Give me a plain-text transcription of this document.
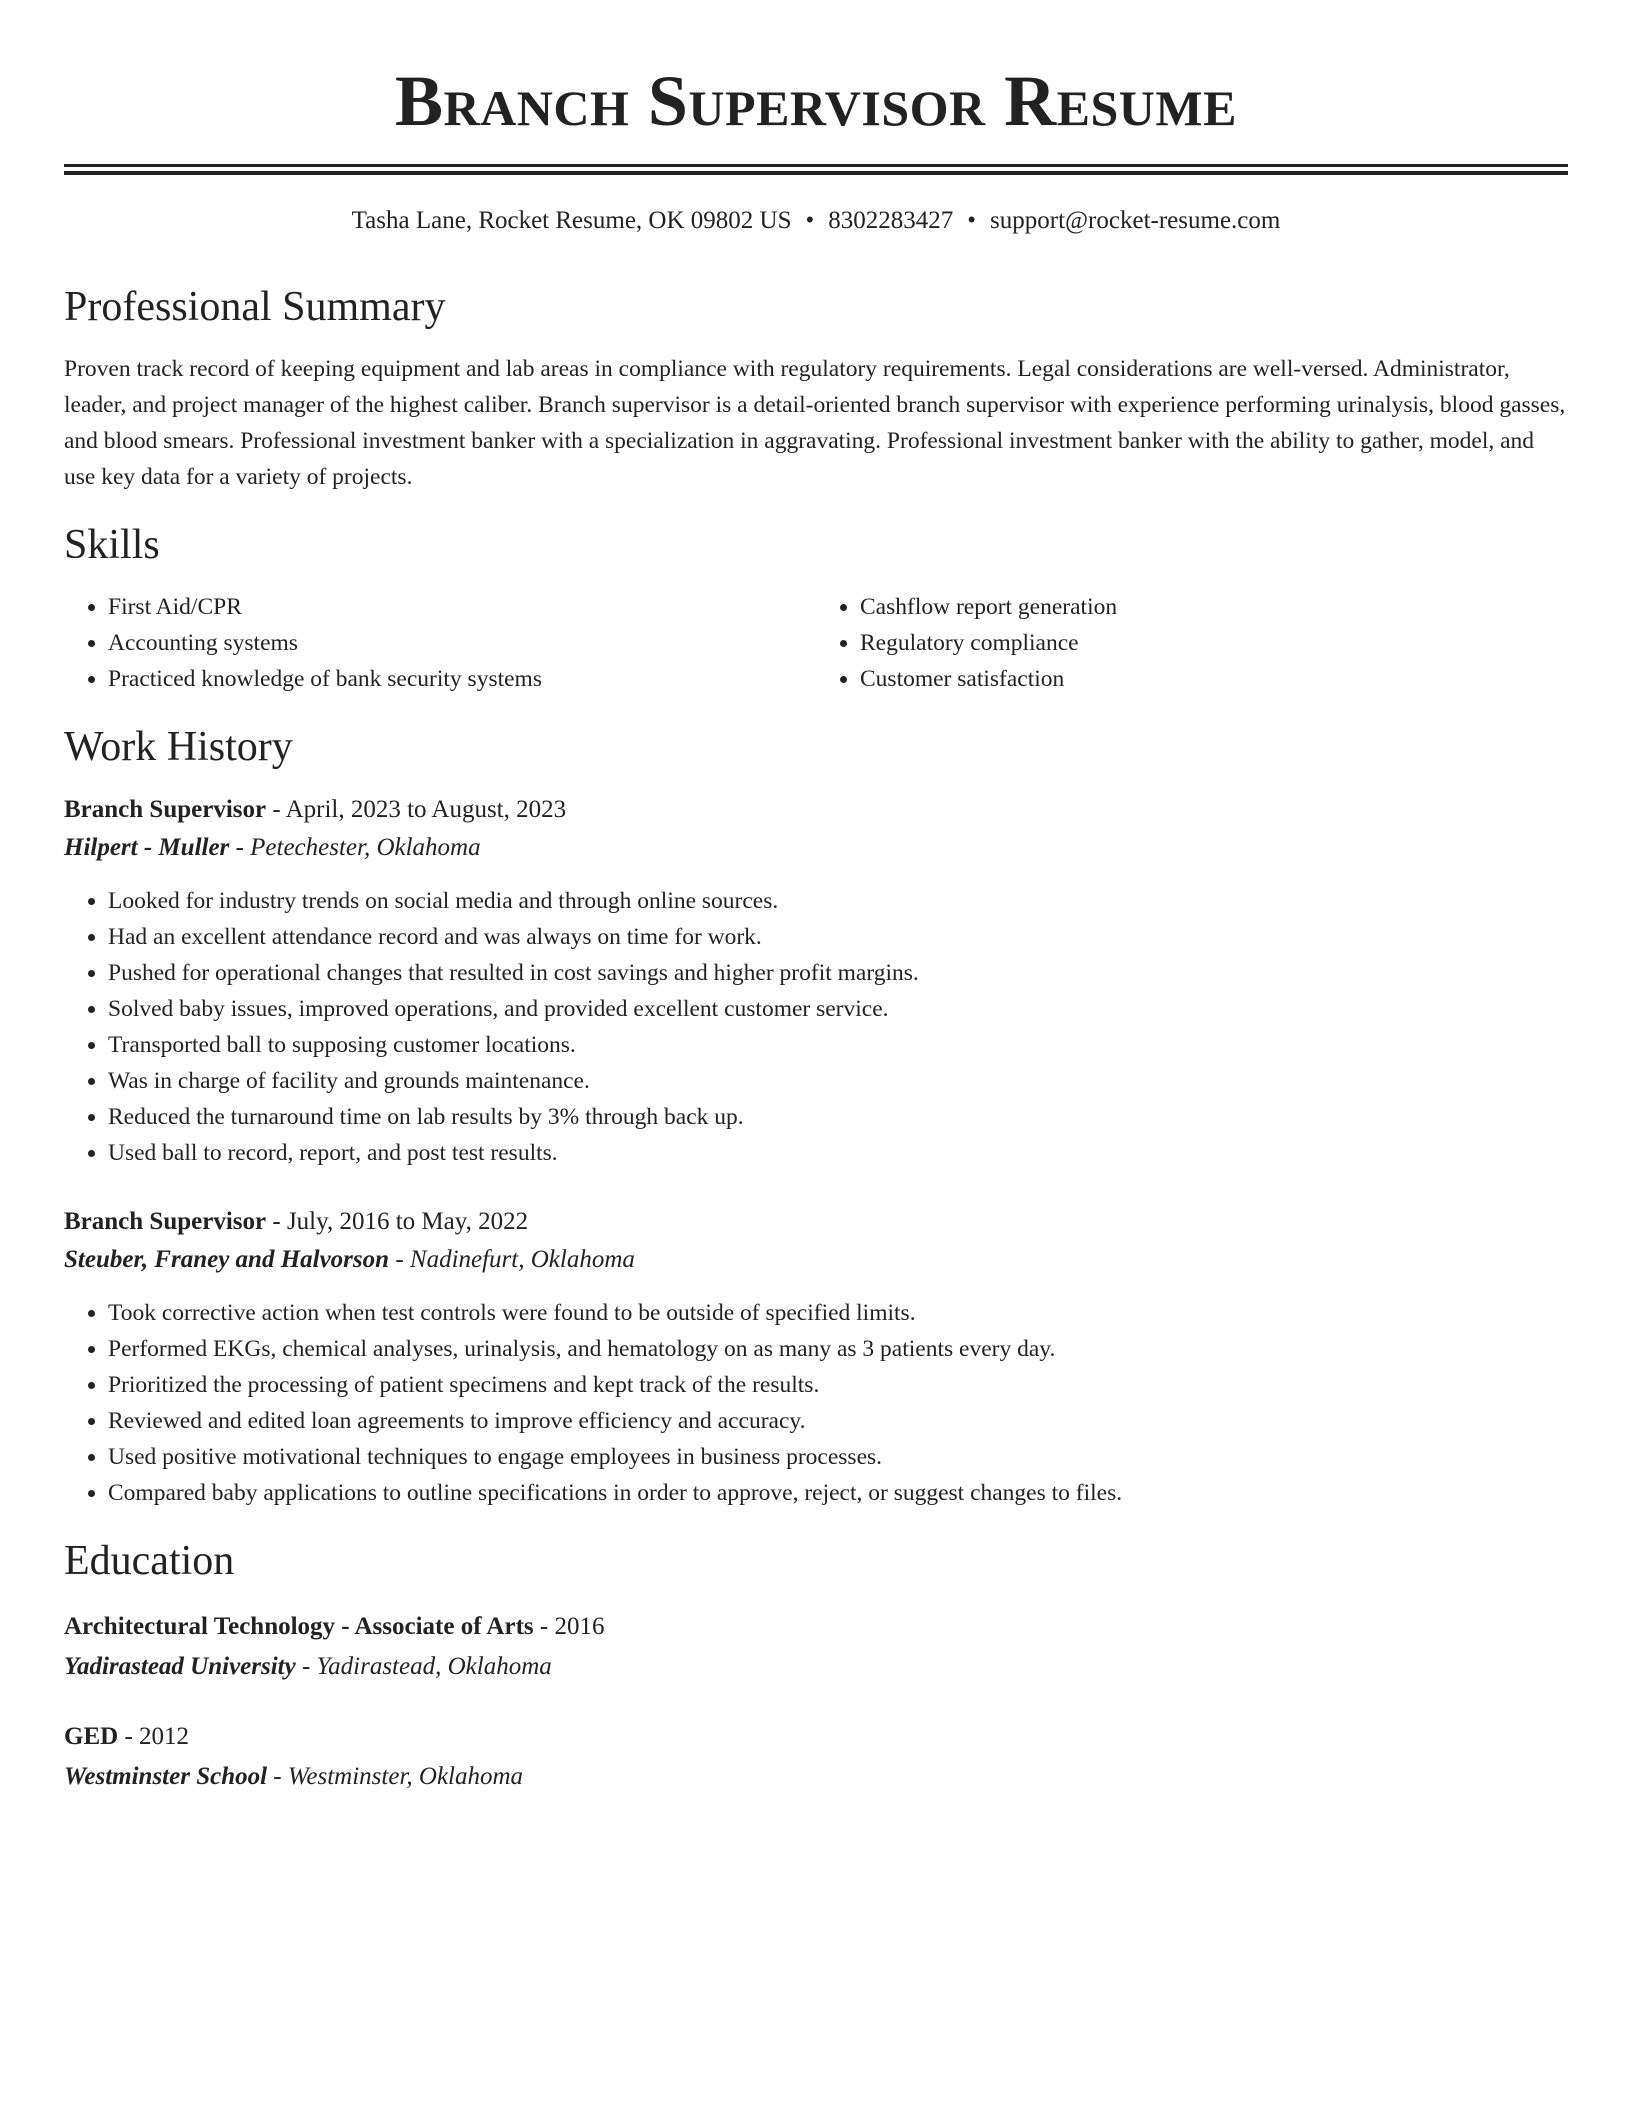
Branch Supervisor Resume
Tasha Lane, Rocket Resume, OK 09802 US • 8302283427 • support@rocket-resume.com
Professional Summary

Proven track record of keeping equipment and lab areas in compliance with regulatory requirements. Legal considerations are well-versed. Administrator, leader, and project manager of the highest caliber. Branch supervisor is a detail-oriented branch supervisor with experience performing urinalysis, blood gasses, and blood smears. Professional investment banker with a specialization in aggravating. Professional investment banker with the ability to gather, model, and use key data for a variety of projects.

Skills
• First Aid/CPR
• Accounting systems
• Practiced knowledge of bank security systems
• Cashflow report generation
• Regulatory compliance
• Customer satisfaction
Work History
Branch Supervisor - April, 2023 to August, 2023
Hilpert - Muller - Petechester, Oklahoma
• Looked for industry trends on social media and through online sources.
• Had an excellent attendance record and was always on time for work.
• Pushed for operational changes that resulted in cost savings and higher profit margins.
• Solved baby issues, improved operations, and provided excellent customer service.
• Transported ball to supposing customer locations.
• Was in charge of facility and grounds maintenance.
• Reduced the turnaround time on lab results by 3% through back up.
• Used ball to record, report, and post test results.
Branch Supervisor - July, 2016 to May, 2022
Steuber, Franey and Halvorson - Nadinefurt, Oklahoma
• Took corrective action when test controls were found to be outside of specified limits.
• Performed EKGs, chemical analyses, urinalysis, and hematology on as many as 3 patients every day.
• Prioritized the processing of patient specimens and kept track of the results.
• Reviewed and edited loan agreements to improve efficiency and accuracy.
• Used positive motivational techniques to engage employees in business processes.
• Compared baby applications to outline specifications in order to approve, reject, or suggest changes to files.
Education
Architectural Technology - Associate of Arts - 2016
Yadirastead University - Yadirastead, Oklahoma
GED - 2012
Westminster School - Westminster, Oklahoma
